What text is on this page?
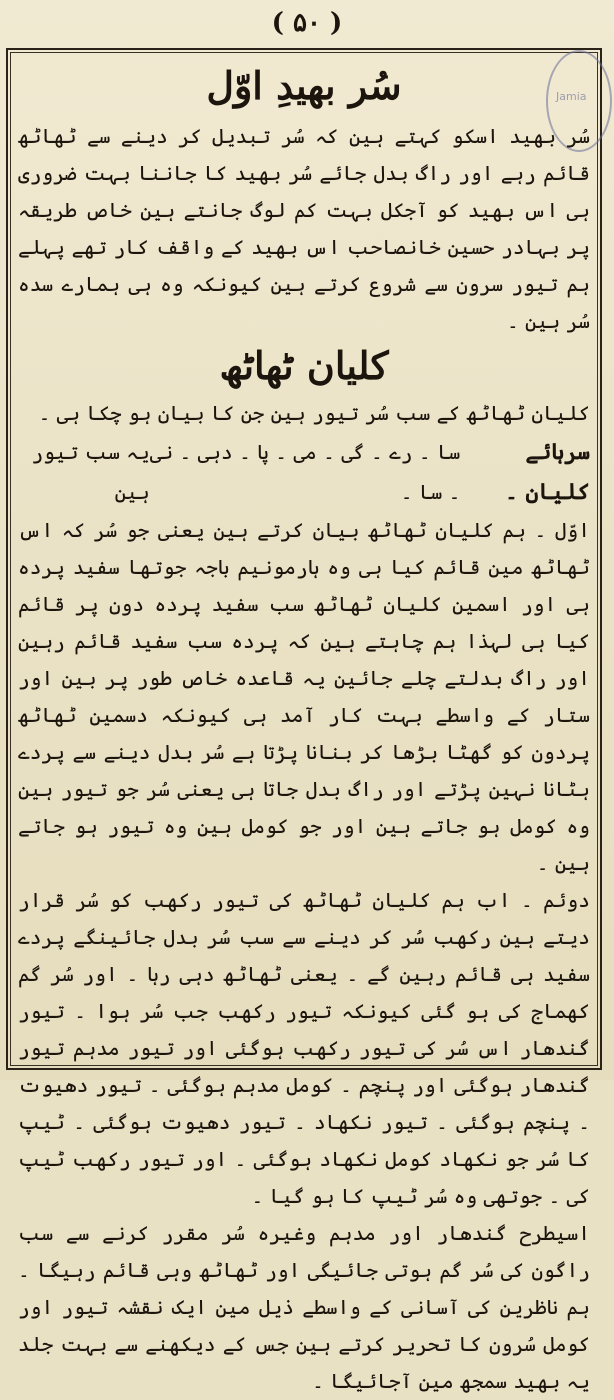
( ۵۰ )
Jamia
سُر بھیدِ اوّل

سُر بھید اسکو کہتے ہین کہ سُر تبدیل کر دینے سے ٹھاٹھ قائم رہے اور راگ بدل جائے سُر بھید کا جاننا بہت ضروری ہی اس بھید کو آجکل بہت کم لوگ جانتے ہین خاص طریقہ پر بہادر حسین خانصاحب اس بھید کے واقف کار تھے پہلے ہم تیور سرون سے شروع کرتے ہین کیونکہ وہ ہی ہمارے سدہ سُر ہین ۔

کلیان ٹھاٹھ

کلیان ٹھاٹھ کے سب سُر تیور ہین جن کا بیان ہو چکا ہی ۔

سرہائے کلیان ۔
سا ۔ رے ۔ گی ۔ می ۔ پا ۔ دہی ۔ نی ۔ سا ۔
یہ سب تیور ہین

اوّل ۔ ہم کلیان ٹھاٹھ بیان کرتے ہین یعنی جو سُر کہ اس ٹھاٹھ مین قائم کیا ہی وہ ہارمونیم باجہ جوتھا سفید پردہ ہی اور اسمین کلیان ٹھاٹھ سب سفید پردہ دون پر قائم کیا ہی لہذا ہم چاہتے ہین کہ پردہ سب سفید قائم رہین اور راگ بدلتے چلے جائین یہ قاعدہ خاص طور پر بین اور ستار کے واسطے بہت کار آمد ہی کیونکہ دسمین ٹھاٹھ پردون کو گھٹا بڑھا کر بنانا پڑتا ہے سُر بدل دینے سے پردے ہٹانا نہین پڑتے اور راگ بدل جاتا ہی یعنی سُر جو تیور ہین وہ کومل ہو جاتے ہین اور جو کومل ہین وہ تیور ہو جاتے ہین ۔

دوئم ۔ اب ہم کلیان ٹھاٹھ کی تیور رکھب کو سُر قرار دیتے ہین رکھب سُر کر دینے سے سب سُر بدل جائینگے پردے سفید ہی قائم رہین گے ۔ یعنی ٹھاٹھ دہی رہا ۔ اور سُر گم کھماج کی ہو گئی کیونکہ تیور رکھب جب سُر ہوا ۔ تیور گندھار اس سُر کی تیور رکھب ہوگئی اور تیور مدہم تیور گندھار ہوگئی اور پنچم ۔ کومل مدہم ہوگئی ۔ تیور دھیوت ۔ پنچم ہوگئی ۔ تیور نکھاد ۔ تیور دھیوت ہوگئی ۔ ٹیپ کا سُر جو نکھاد کومل نکھاد ہوگئی ۔ اور تیور رکھب ٹیپ کی ۔ جوتھی وہ سُر ٹیپ کا ہو گیا ۔

اسیطرح گندھار اور مدہم وغیرہ سُر مقرر کرنے سے سب راگون کی سُر گم ہوتی جائیگی اور ٹھاٹھ وہی قائم رہیگا ۔ ہم ناظرین کی آسانی کے واسطے ذیل مین ایک نقشہ تیور اور کومل سُرون کا تحریر کرتے ہین جس کے دیکھنے سے بہت جلد یہ بھید سمجھ مین آجائیگا ۔
